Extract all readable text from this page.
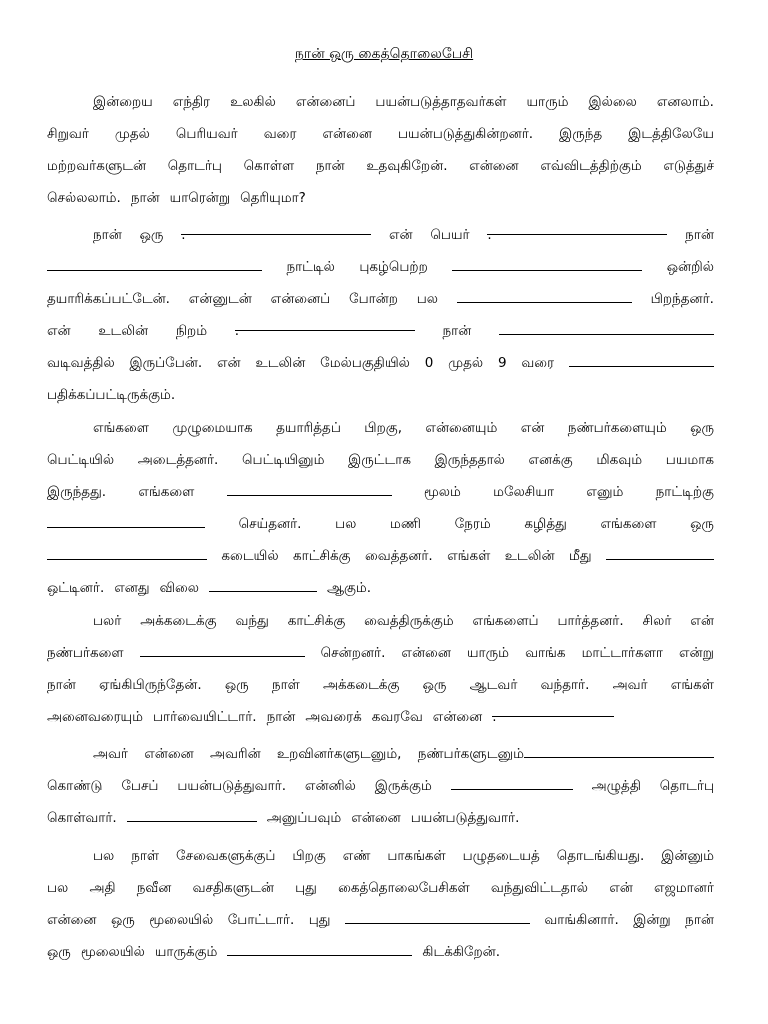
நான் ஒரு கைத்தொலைபேசி
இன்றைய எந்திர உலகில் என்னைப் பயன்படுத்தாதவர்கள் யாரும் இல்லை எனலாம்.
சிறுவர் முதல் பெரியவர் வரை என்னை பயன்படுத்துகின்றனர். இருந்த இடத்திலேயே
மற்றவர்களுடன் தொடர்பு கொள்ள நான் உதவுகிறேன். என்னை எவ்விடத்திற்கும் எடுத்துச்
செல்லலாம். நான் யாரென்று தெரியுமா?
நான் ஒரு .	என் பெயர் .	நான்
நாட்டில் புகழ்பெற்ற	ஒன்றில்
தயாரிக்கப்பட்டேன். என்னுடன் என்னைப் போன்ற பல	பிறந்தனர்.
என் உடலின் நிறம் .	நான்
வடிவத்தில் இருப்பேன். என் உடலின் மேல்பகுதியில் 0 முதல் 9 வரை
பதிக்கப்பட்டிருக்கும்.
எங்களை முழுமையாக தயாரித்தப் பிறகு, என்னையும் என் நண்பர்களையும் ஒரு
பெட்டியில் அடைத்தனர். பெட்டியினும் இருட்டாக இருந்ததால் எனக்கு மிகவும் பயமாக
இருந்தது. எங்களை	மூலம் மலேசியா எனும் நாட்டிற்கு
செய்தனர். பல மணி நேரம் கழித்து எங்களை ஒரு
கடையில் காட்சிக்கு வைத்தனர். எங்கள் உடலின் மீது
ஒட்டினர். எனது விலை	ஆகும்.
பலர் அக்கடைக்கு வந்து காட்சிக்கு வைத்திருக்கும் எங்களைப் பார்த்தனர். சிலர் என்
நண்பர்களை	சென்றனர். என்னை யாரும் வாங்க மாட்டார்களா என்று
நான் ஏங்கிபிருந்தேன். ஒரு நாள் அக்கடைக்கு ஒரு ஆடவர் வந்தார். அவர் எங்கள்
அனைவரையும் பார்வையிட்டார். நான் அவரைக் கவரவே என்னை .
அவர் என்னை அவரின் உறவினர்களுடனும், நண்பர்களுடனும்
கொண்டு பேசப் பயன்படுத்துவார். என்னில் இருக்கும்	அழுத்தி தொடர்பு
கொள்வார்.	அனுப்பவும் என்னை பயன்படுத்துவார்.
பல நாள் சேவைகளுக்குப் பிறகு எண் பாகங்கள் பழுதடையத் தொடங்கியது. இன்னும்
பல அதி நவீன வசதிகளுடன் புது கைத்தொலைபேசிகள் வந்துவிட்டதால் என் எஜமானர்
என்னை ஒரு மூலையில் போட்டார். புது	வாங்கினார். இன்று நான்
ஒரு மூலையில் யாருக்கும்	கிடக்கிறேன்.
